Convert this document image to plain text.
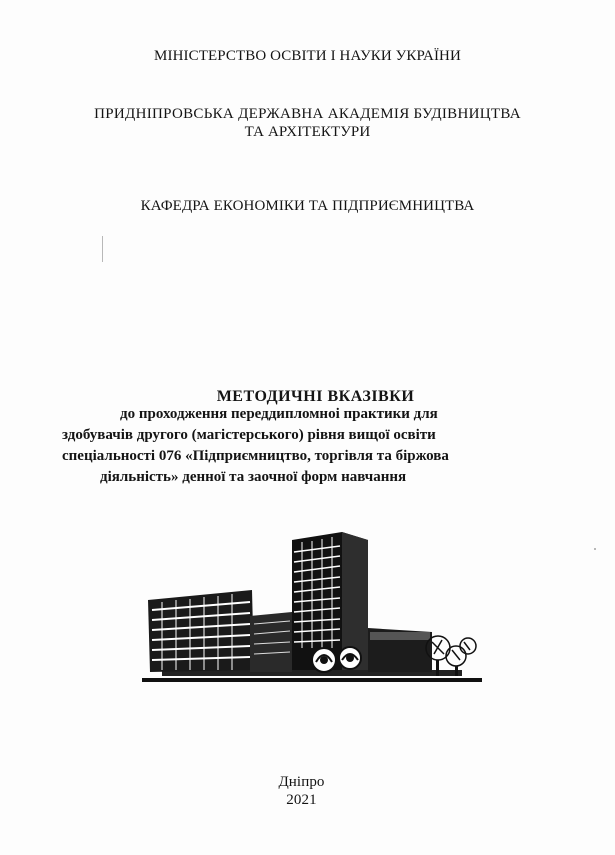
МІНІСТЕРСТВО ОСВІТИ І НАУКИ УКРАЇНИ
ПРИДНІПРОВСЬКА ДЕРЖАВНА АКАДЕМІЯ БУДІВНИЦТВА
ТА АРХІТЕКТУРИ
КАФЕДРА ЕКОНОМІКИ ТА ПІДПРИЄМНИЦТВА
МЕТОДИЧНІ ВКАЗІВКИ
до проходження переддипломноі практики для
здобувачів другого (магістерського) рівня вищої освіти
спеціальності 076 «Підприємництво, торгівля та біржова
діяльність» денної та заочної форм навчання
Дніпро
2021
